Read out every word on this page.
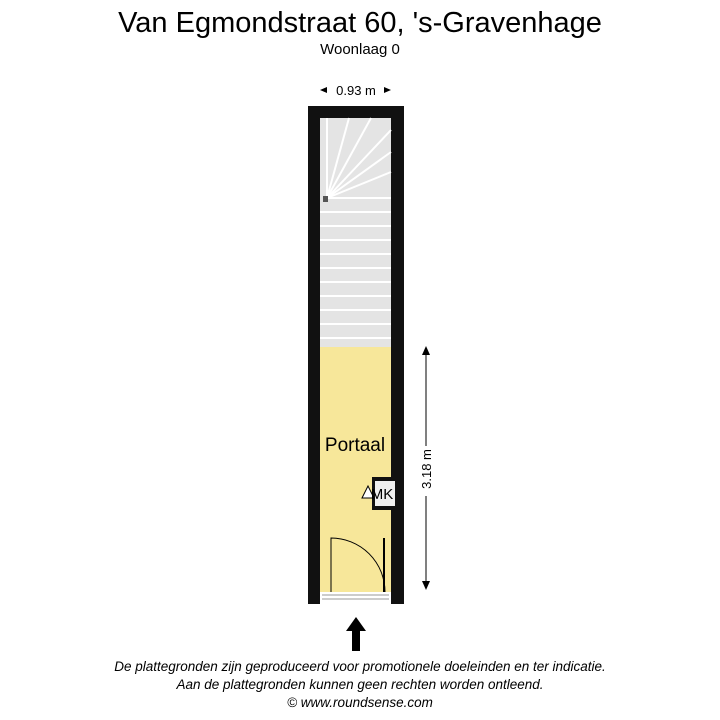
Van Egmondstraat 60, 's-Gravenhage
Woonlaag 0
0.93 m
Portaal
MK
3.18 m
De plattegronden zijn geproduceerd voor promotionele doeleinden en ter indicatie.
Aan de plattegronden kunnen geen rechten worden ontleend.
© www.roundsense.com
